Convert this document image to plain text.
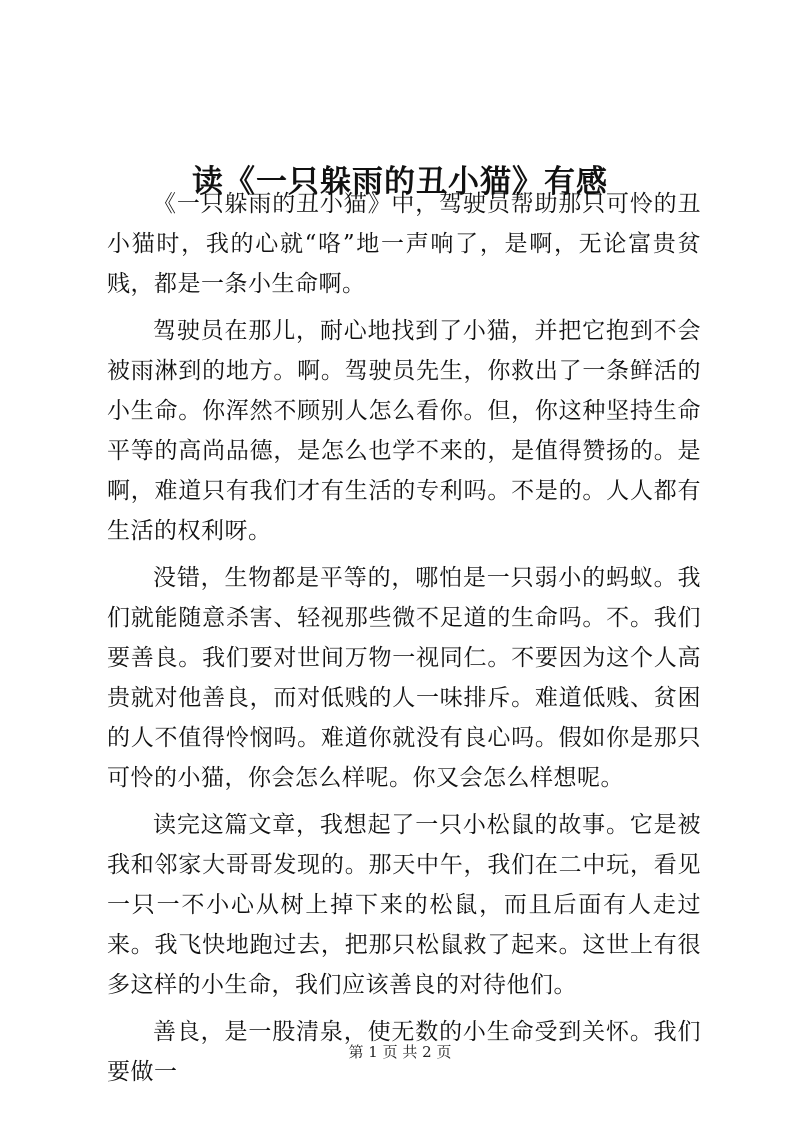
读《一只躲雨的丑小猫》有感

《一只躲雨的丑小猫》中，驾驶员帮助那只可怜的丑小猫时，我的心就“咯”地一声响了，是啊，无论富贵贫贱，都是一条小生命啊。

驾驶员在那儿，耐心地找到了小猫，并把它抱到不会被雨淋到的地方。啊。驾驶员先生，你救出了一条鲜活的小生命。你浑然不顾别人怎么看你。但，你这种坚持生命平等的高尚品德，是怎么也学不来的，是值得赞扬的。是啊，难道只有我们才有生活的专利吗。不是的。人人都有生活的权利呀。

没错，生物都是平等的，哪怕是一只弱小的蚂蚁。我们就能随意杀害、轻视那些微不足道的生命吗。不。我们要善良。我们要对世间万物一视同仁。不要因为这个人高贵就对他善良，而对低贱的人一味排斥。难道低贱、贫困的人不值得怜悯吗。难道你就没有良心吗。假如你是那只可怜的小猫，你会怎么样呢。你又会怎么样想呢。

读完这篇文章，我想起了一只小松鼠的故事。它是被我和邻家大哥哥发现的。那天中午，我们在二中玩，看见一只一不小心从树上掉下来的松鼠，而且后面有人走过来。我飞快地跑过去，把那只松鼠救了起来。这世上有很多这样的小生命，我们应该善良的对待他们。

善良，是一股清泉，使无数的小生命受到关怀。我们要做一

第 1 页 共 2 页
